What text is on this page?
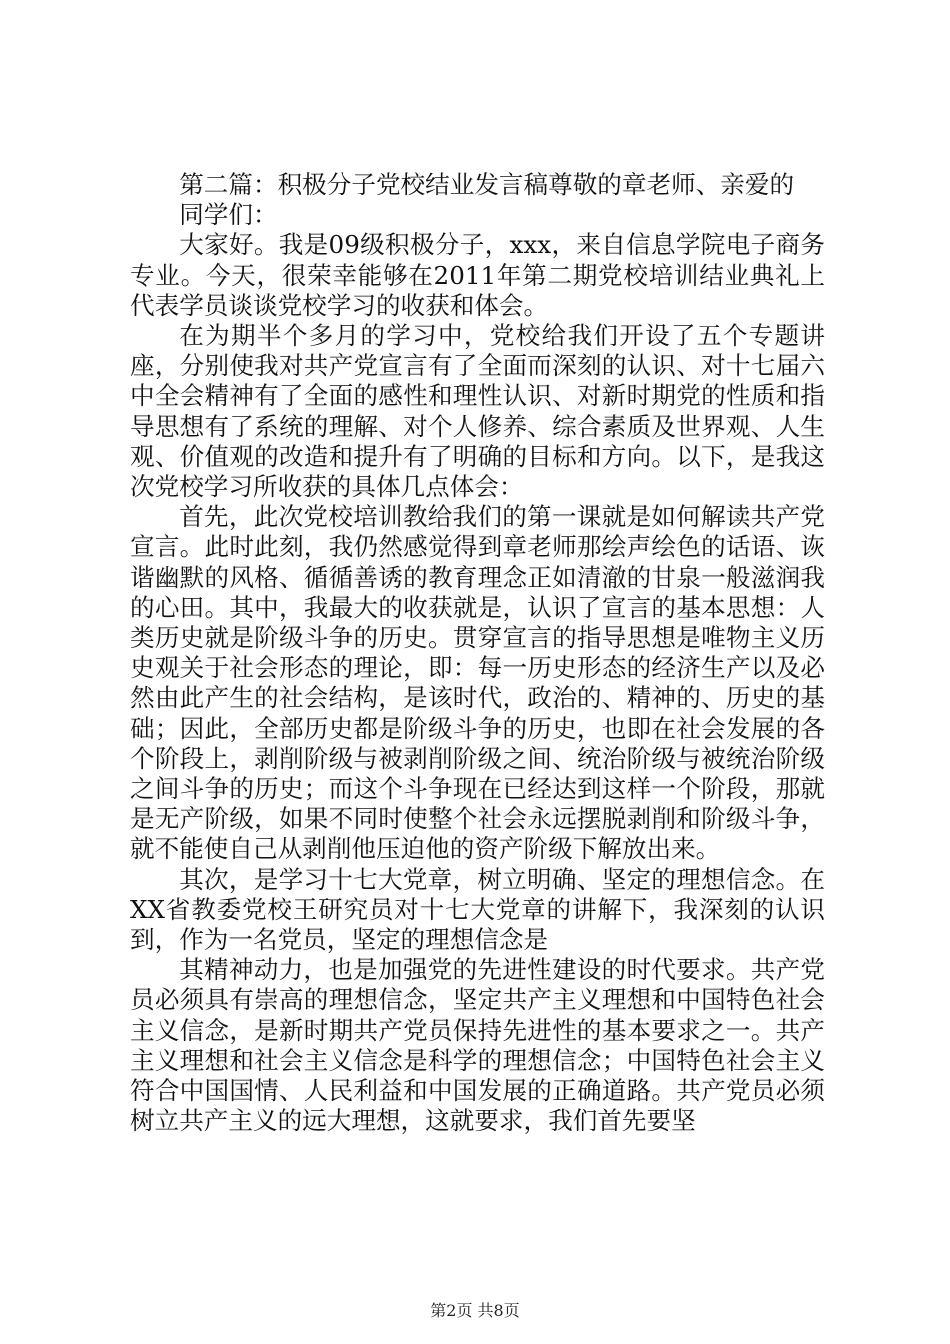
第二篇：积极分子党校结业发言稿尊敬的章老师、亲爱的

同学们：

大家好。我是09级积极分子，xxx，来自信息学院电子商务专业。今天，很荣幸能够在2011年第二期党校培训结业典礼上代表学员谈谈党校学习的收获和体会。

在为期半个多月的学习中，党校给我们开设了五个专题讲座，分别使我对共产党宣言有了全面而深刻的认识、对十七届六中全会精神有了全面的感性和理性认识、对新时期党的性质和指导思想有了系统的理解、对个人修养、综合素质及世界观、人生观、价值观的改造和提升有了明确的目标和方向。以下，是我这次党校学习所收获的具体几点体会：

首先，此次党校培训教给我们的第一课就是如何解读共产党宣言。此时此刻，我仍然感觉得到章老师那绘声绘色的话语、诙谐幽默的风格、循循善诱的教育理念正如清澈的甘泉一般滋润我的心田。其中，我最大的收获就是，认识了宣言的基本思想：人类历史就是阶级斗争的历史。贯穿宣言的指导思想是唯物主义历史观关于社会形态的理论，即：每一历史形态的经济生产以及必然由此产生的社会结构，是该时代，政治的、精神的、历史的基础；因此，全部历史都是阶级斗争的历史，也即在社会发展的各个阶段上，剥削阶级与被剥削阶级之间、统治阶级与被统治阶级之间斗争的历史；而这个斗争现在已经达到这样一个阶段，那就是无产阶级，如果不同时使整个社会永远摆脱剥削和阶级斗争，就不能使自己从剥削他压迫他的资产阶级下解放出来。

其次，是学习十七大党章，树立明确、坚定的理想信念。在XX省教委党校王研究员对十七大党章的讲解下，我深刻的认识到，作为一名党员，坚定的理想信念是

其精神动力，也是加强党的先进性建设的时代要求。共产党员必须具有崇高的理想信念，坚定共产主义理想和中国特色社会主义信念，是新时期共产党员保持先进性的基本要求之一。共产主义理想和社会主义信念是科学的理想信念；中国特色社会主义符合中国国情、人民利益和中国发展的正确道路。共产党员必须树立共产主义的远大理想，这就要求，我们首先要坚

第2页 共8页
